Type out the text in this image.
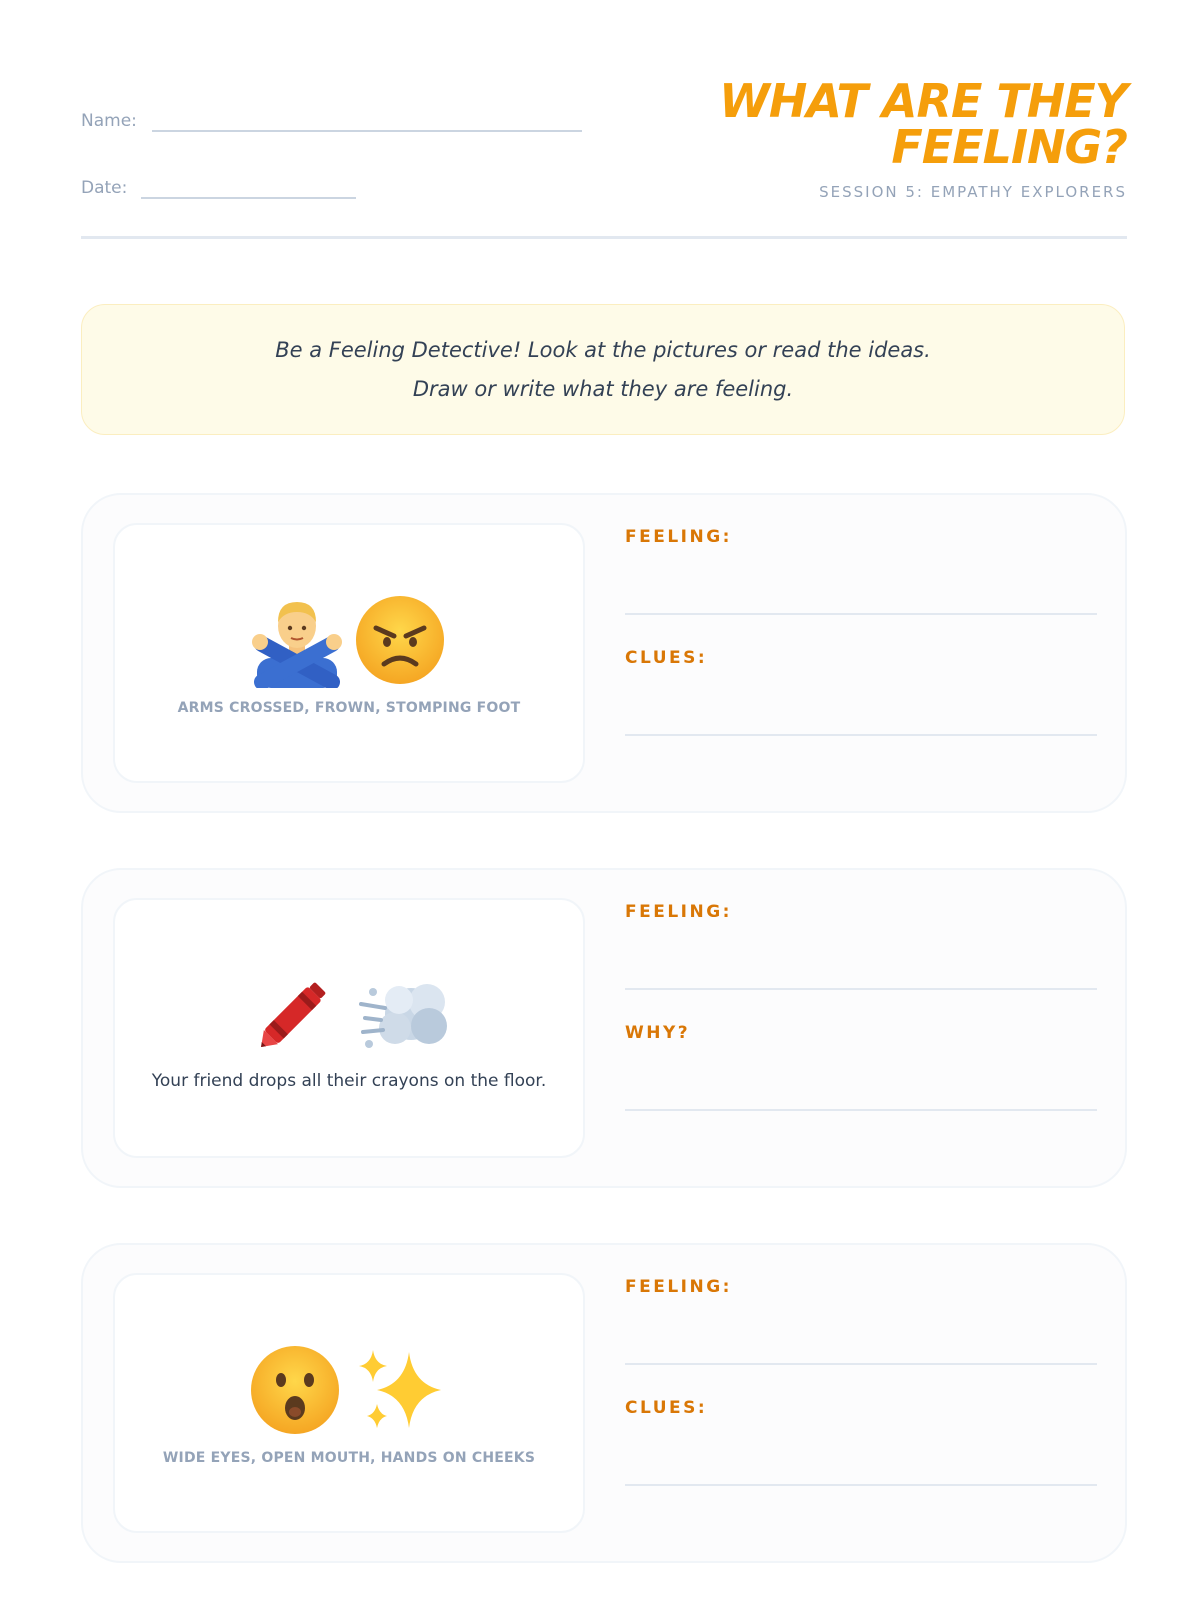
Name:
Date:
WHAT ARE THEY
FEELING?
SESSION 5: EMPATHY EXPLORERS

Be a Feeling Detective! Look at the pictures or read the ideas.

Draw or write what they are feeling.

ARMS CROSSED, FROWN, STOMPING FOOT
FEELING:
CLUES:
Your friend drops all their crayons on the floor.
FEELING:
WHY?
WIDE EYES, OPEN MOUTH, HANDS ON CHEEKS
FEELING:
CLUES:
